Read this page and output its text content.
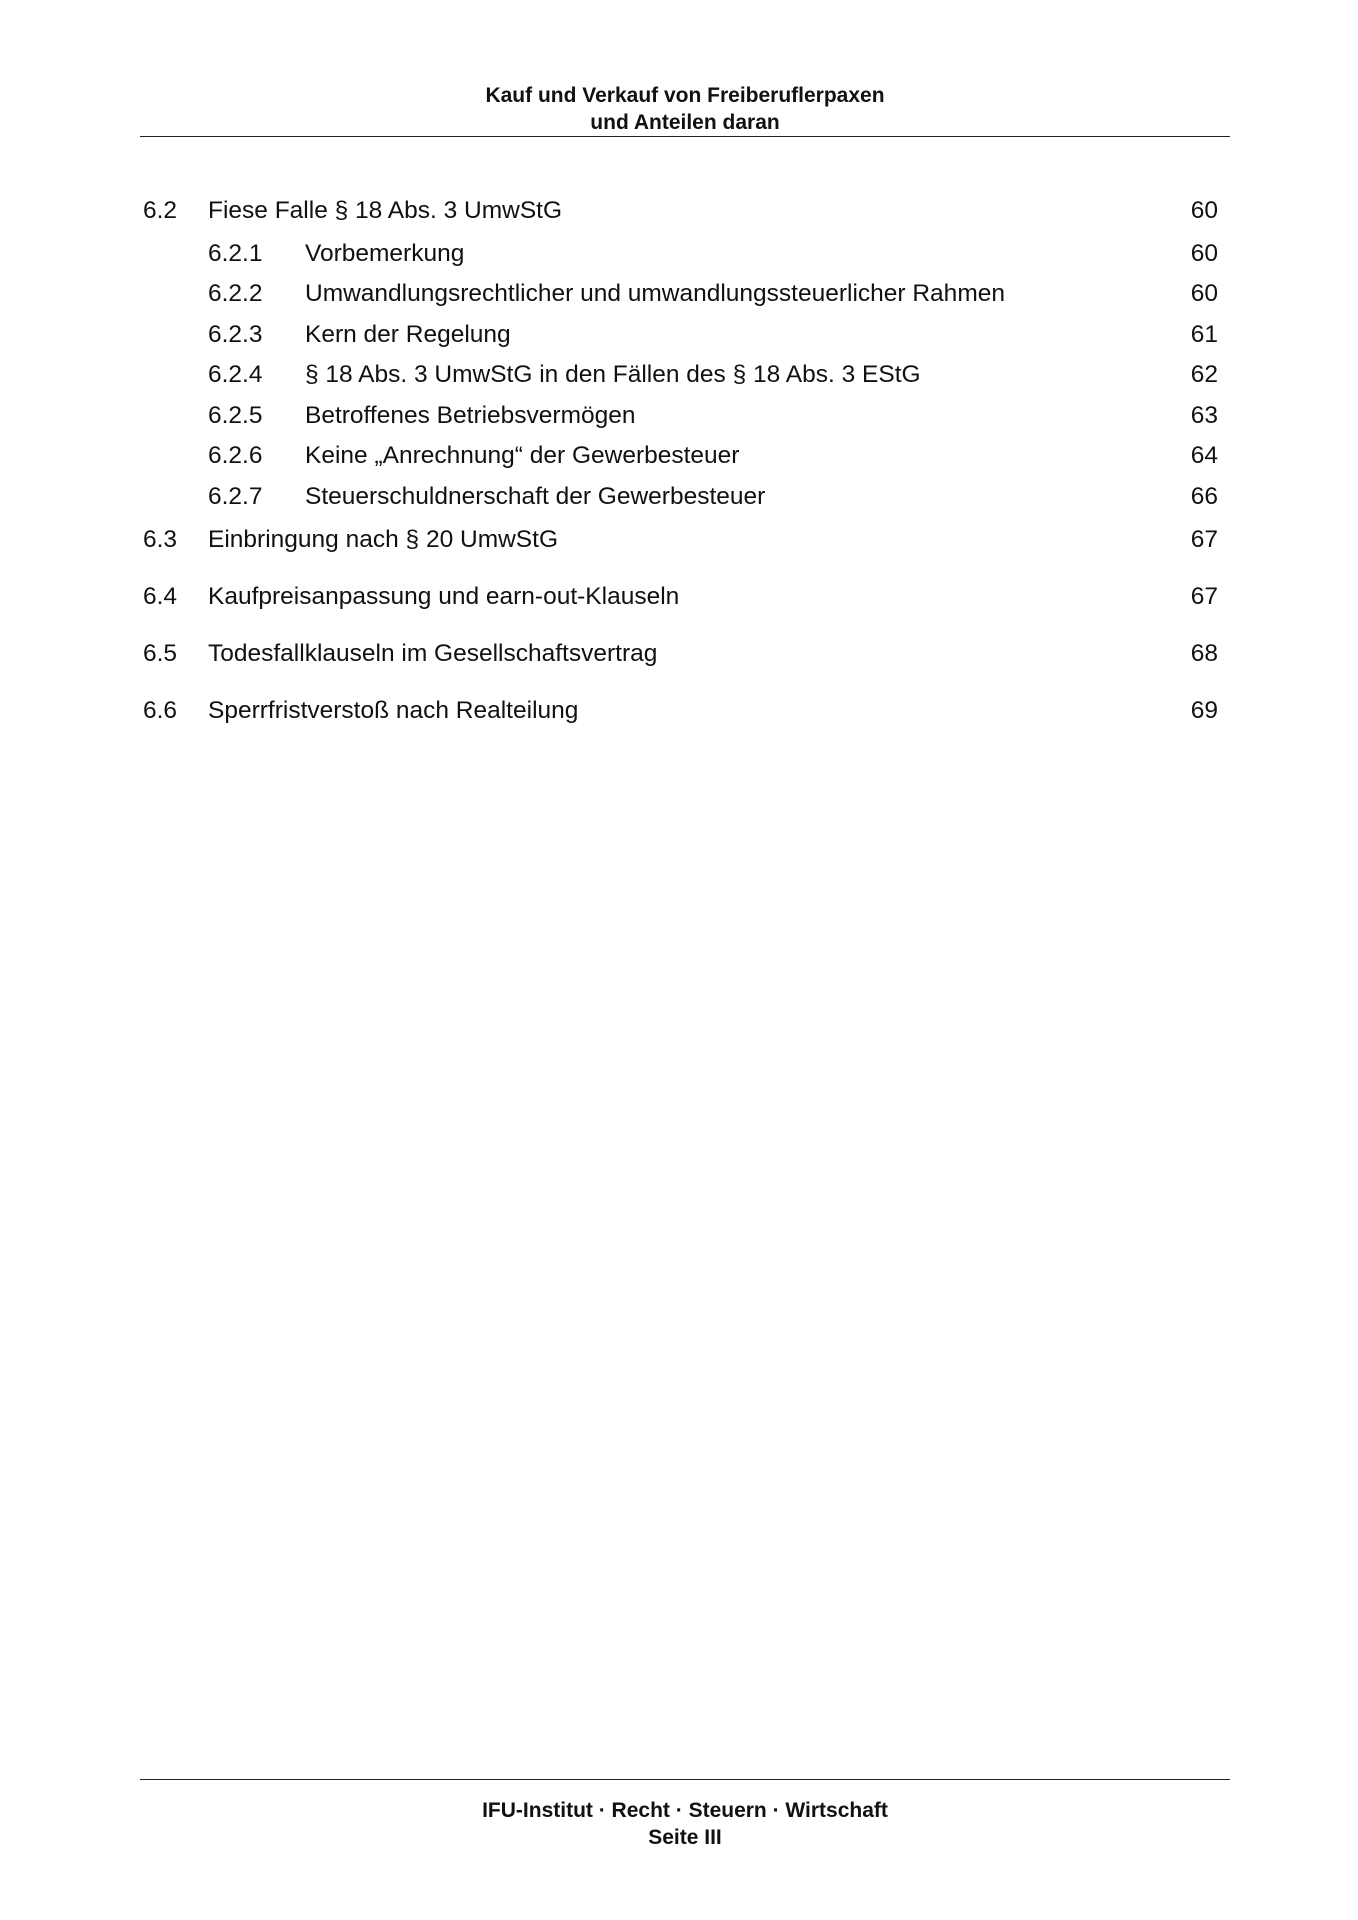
Kauf und Verkauf von Freiberuflerpaxen
und Anteilen daran
6.2 Fiese Falle § 18 Abs. 3 UmwStG	60
6.2.1 Vorbemerkung	60
6.2.2 Umwandlungsrechtlicher und umwandlungssteuerlicher Rahmen	60
6.2.3 Kern der Regelung	61
6.2.4 § 18 Abs. 3 UmwStG in den Fällen des § 18 Abs. 3 EStG	62
6.2.5 Betroffenes Betriebsvermögen	63
6.2.6 Keine „Anrechnung“ der Gewerbesteuer	64
6.2.7 Steuerschuldnerschaft der Gewerbesteuer	66
6.3 Einbringung nach § 20 UmwStG	67
6.4 Kaufpreisanpassung und earn-out-Klauseln	67
6.5 Todesfallklauseln im Gesellschaftsvertrag	68
6.6 Sperrfristverstoß nach Realteilung	69
IFU-Institut · Recht · Steuern · Wirtschaft
Seite III
